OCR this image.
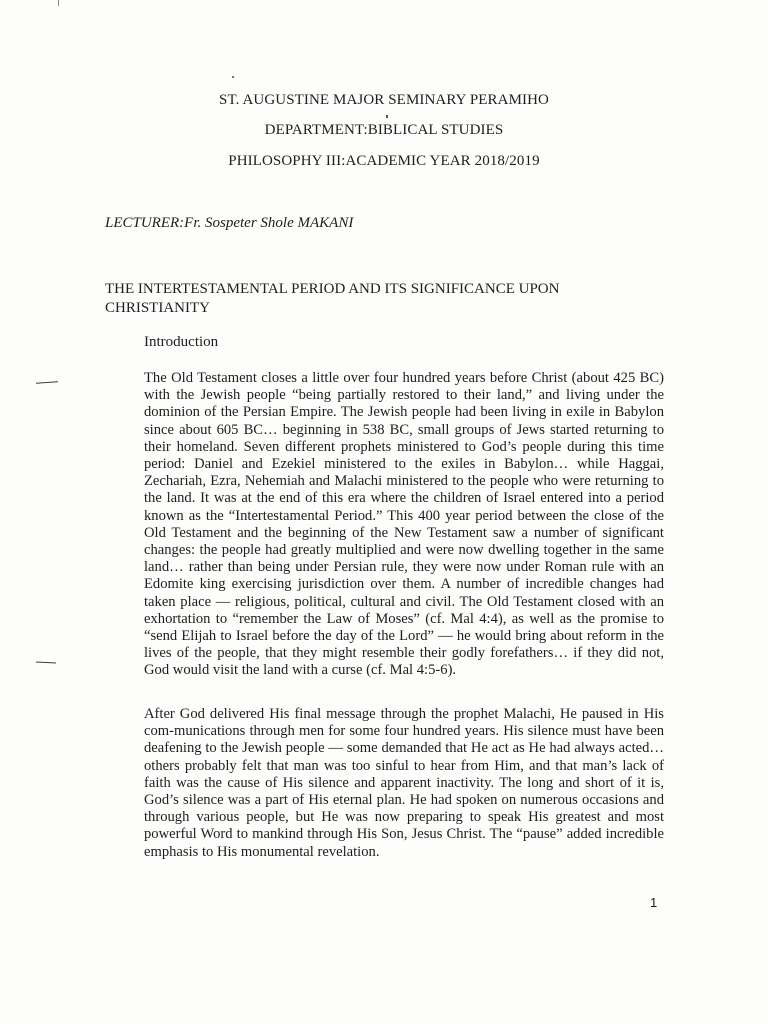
ST. AUGUSTINE MAJOR SEMINARY PERAMIHO
DEPARTMENT:BIBLICAL STUDIES
PHILOSOPHY III:ACADEMIC YEAR 2018/2019
LECTURER:Fr. Sospeter Shole MAKANI
THE INTERTESTAMENTAL PERIOD AND ITS SIGNIFICANCE UPON CHRISTIANITY
Introduction

The Old Testament closes a little over four hundred years before Christ (about 425 BC) with the Jewish people “being partially restored to their land,” and living under the dominion of the Persian Empire. The Jewish people had been living in exile in Babylon since about 605 BC… beginning in 538 BC, small groups of Jews started returning to their homeland. Seven different prophets ministered to God’s people during this time period: Daniel and Ezekiel ministered to the exiles in Babylon… while Haggai, Zechariah, Ezra, Nehemiah and Malachi ministered to the people who were returning to the land. It was at the end of this era where the children of Israel entered into a period known as the “Intertestamental Period.” This 400 year period between the close of the Old Testament and the beginning of the New Testament saw a number of significant changes: the people had greatly multiplied and were now dwelling together in the same land… rather than being under Persian rule, they were now under Roman rule with an Edomite king exercising jurisdiction over them. A number of incredible changes had taken place — religious, political, cultural and civil. The Old Testament closed with an exhortation to “remember the Law of Moses” (cf. Mal 4:4), as well as the promise to “send Elijah to Israel before the day of the Lord” — he would bring about reform in the lives of the people, that they might resemble their godly forefathers… if they did not, God would visit the land with a curse (cf. Mal 4:5-6).

After God delivered His final message through the prophet Malachi, He paused in His com-munications through men for some four hundred years. His silence must have been deafening to the Jewish people — some demanded that He act as He had always acted… others probably felt that man was too sinful to hear from Him, and that man’s lack of faith was the cause of His silence and apparent inactivity. The long and short of it is, God’s silence was a part of His eternal plan. He had spoken on numerous occasions and through various people, but He was now preparing to speak His greatest and most powerful Word to mankind through His Son, Jesus Christ. The “pause” added incredible emphasis to His monumental revelation.

1
